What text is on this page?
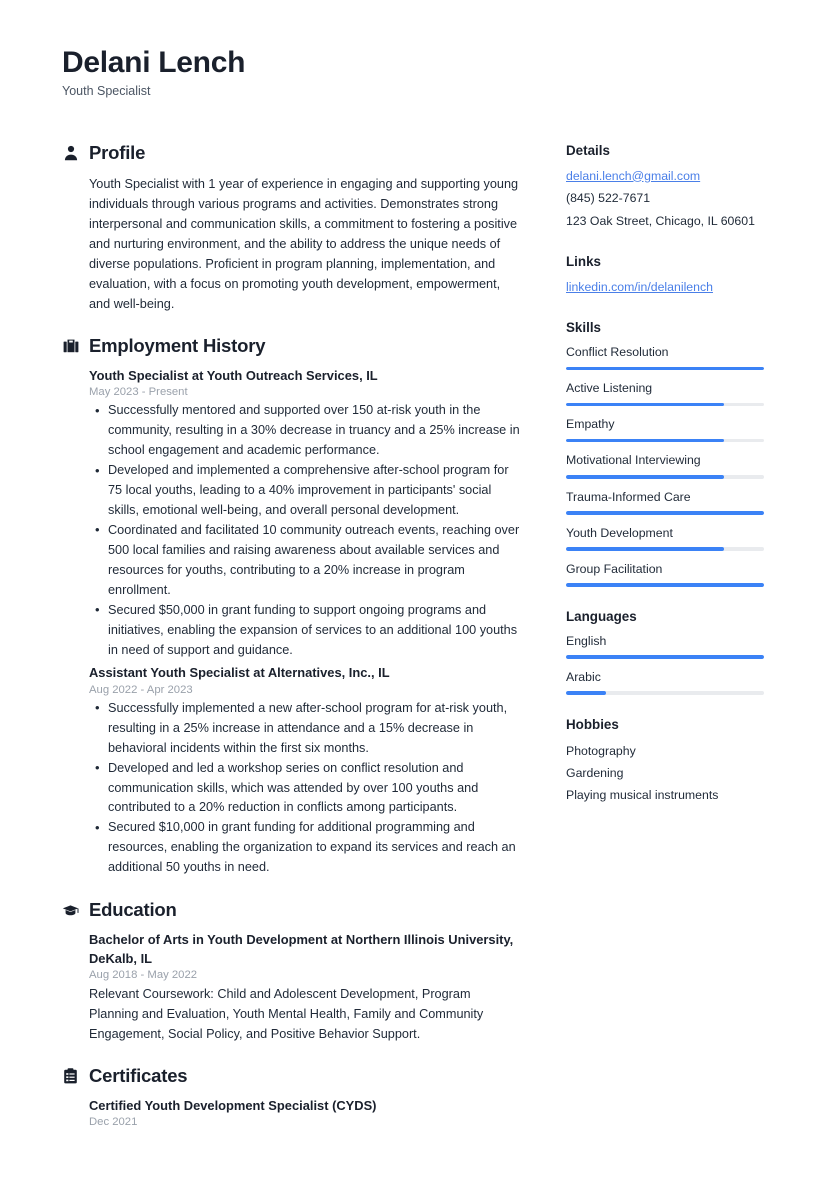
Delani Lench
Youth Specialist
Profile

Youth Specialist with 1 year of experience in engaging and supporting young individuals through various programs and activities. Demonstrates strong interpersonal and communication skills, a commitment to fostering a positive and nurturing environment, and the ability to address the unique needs of diverse populations. Proficient in program planning, implementation, and evaluation, with a focus on promoting youth development, empowerment, and well-being.

Employment History
Youth Specialist at Youth Outreach Services, IL
May 2023 - Present
• Successfully mentored and supported over 150 at-risk youth in the community, resulting in a 30% decrease in truancy and a 25% increase in school engagement and academic performance.
• Developed and implemented a comprehensive after-school program for 75 local youths, leading to a 40% improvement in participants' social skills, emotional well-being, and overall personal development.
• Coordinated and facilitated 10 community outreach events, reaching over 500 local families and raising awareness about available services and resources for youths, contributing to a 20% increase in program enrollment.
• Secured $50,000 in grant funding to support ongoing programs and initiatives, enabling the expansion of services to an additional 100 youths in need of support and guidance.
Assistant Youth Specialist at Alternatives, Inc., IL
Aug 2022 - Apr 2023
• Successfully implemented a new after-school program for at-risk youth, resulting in a 25% increase in attendance and a 15% decrease in behavioral incidents within the first six months.
• Developed and led a workshop series on conflict resolution and communication skills, which was attended by over 100 youths and contributed to a 20% reduction in conflicts among participants.
• Secured $10,000 in grant funding for additional programming and resources, enabling the organization to expand its services and reach an additional 50 youths in need.
Education
Bachelor of Arts in Youth Development at Northern Illinois University, DeKalb, IL
Aug 2018 - May 2022
Relevant Coursework: Child and Adolescent Development, Program Planning and Evaluation, Youth Mental Health, Family and Community Engagement, Social Policy, and Positive Behavior Support.
Certificates
Certified Youth Development Specialist (CYDS)
Dec 2021
Details
delani.lench@gmail.com
(845) 522-7671
123 Oak Street, Chicago, IL 60601
Links
linkedin.com/in/delanilench
Skills
Conflict Resolution
Active Listening
Empathy
Motivational Interviewing
Trauma-Informed Care
Youth Development
Group Facilitation
Languages
English
Arabic
Hobbies
Photography
Gardening
Playing musical instruments
